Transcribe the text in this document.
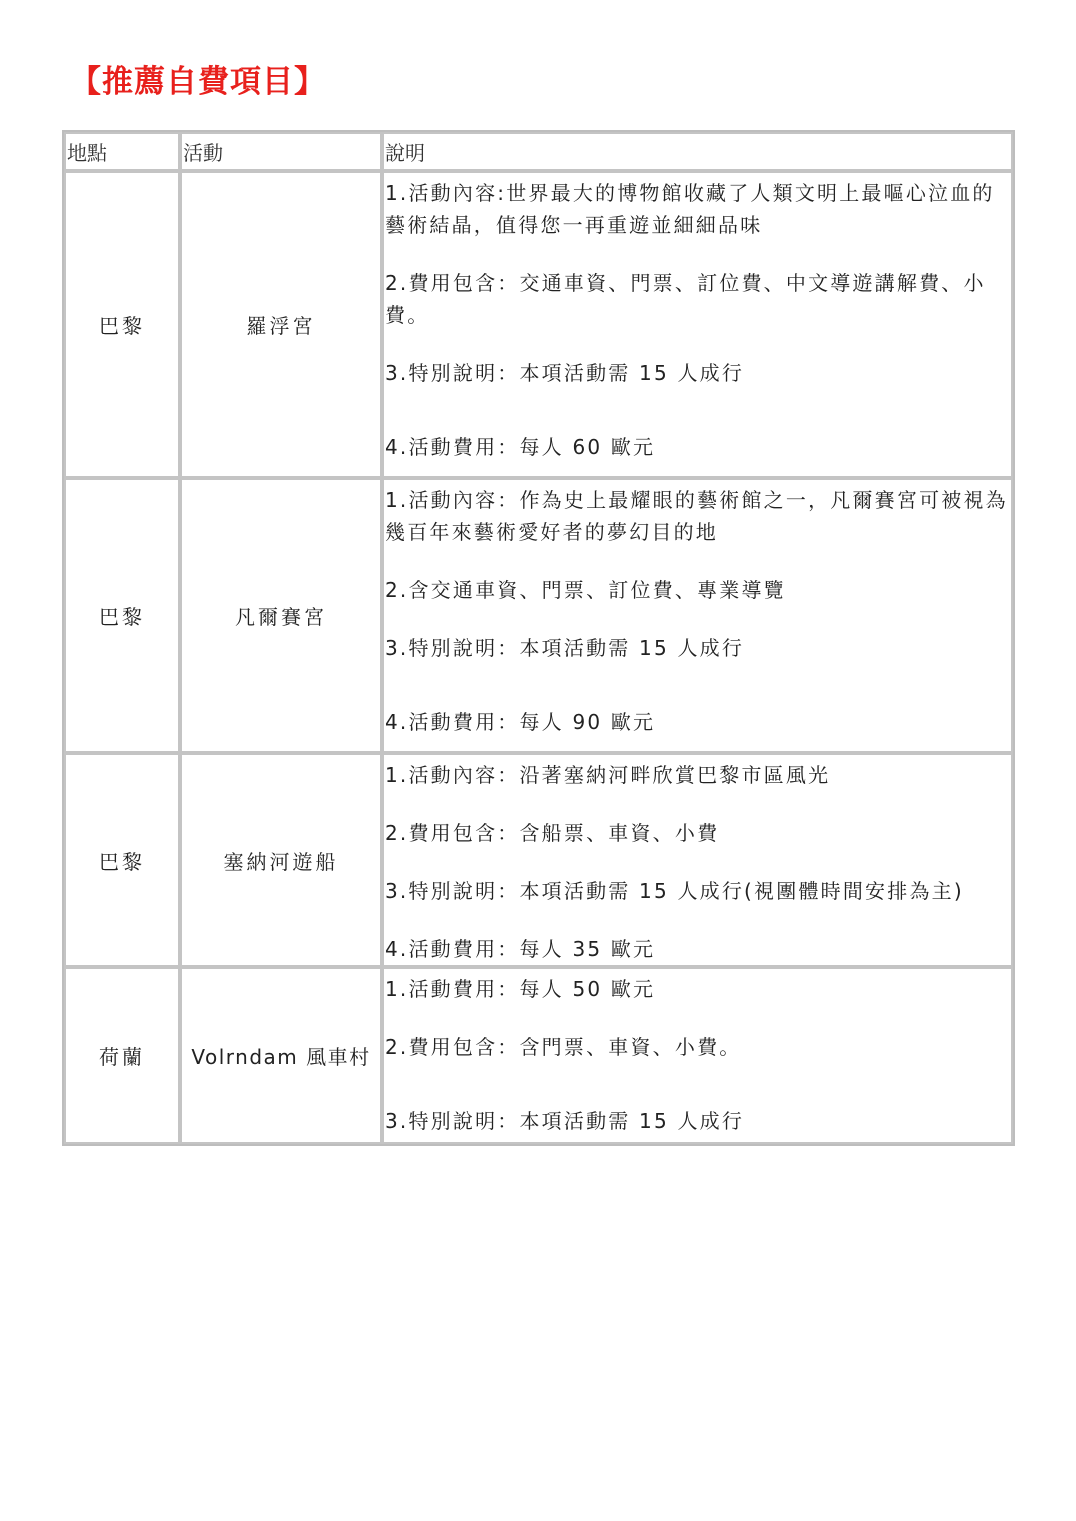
【推薦自費項目】
地點	活動	說明
巴黎	羅浮宮	1.活動內容:世界最大的博物館收藏了人類文明上最嘔心泣血的藝術結晶，值得您一再重遊並細細品味

2.費用包含：交通車資、門票、訂位費、中文導遊講解費、小費。

3.特別說明：本項活動需 15 人成行

4.活動費用：每人 60 歐元

巴黎	凡爾賽宮	1.活動內容：作為史上最耀眼的藝術館之一，凡爾賽宮可被視為幾百年來藝術愛好者的夢幻目的地

2.含交通車資、門票、訂位費、專業導覽

3.特別說明：本項活動需 15 人成行

4.活動費用：每人 90 歐元

巴黎	塞納河遊船	1.活動內容：沿著塞納河畔欣賞巴黎市區風光

2.費用包含：含船票、車資、小費

3.特別說明：本項活動需 15 人成行(視團體時間安排為主)

4.活動費用：每人 35 歐元

荷蘭	Volrndam 風車村	1.活動費用：每人 50 歐元

2.費用包含：含門票、車資、小費。

3.特別說明：本項活動需 15 人成行
